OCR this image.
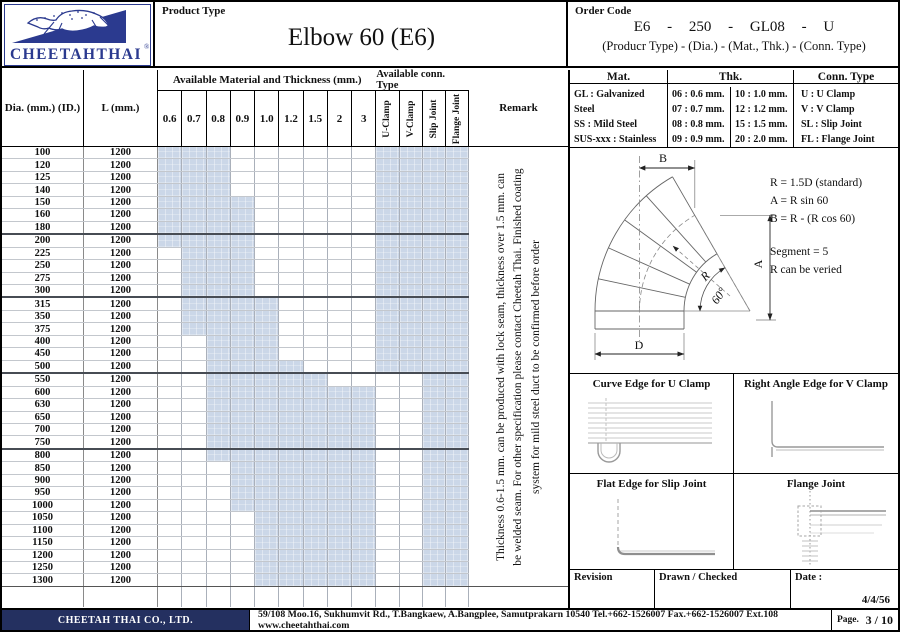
CHEETAHTHAI ®
Product Type
Elbow 60 (E6)
Order Code
E6 - 250 - GL08 - U
(Producr Type) - (Dia.) - (Mat., Thk.) - (Conn. Type)
Dia. (mm.) (ID.)	L (mm.)
Available Material and Thickness (mm.)
0.6 0.7 0.8 0.9 1.0 1.2 1.5	2	3
Available conn. Type
U-Clamp V-Clamp Slip Joint Flange Joint	Remark
100	1200
120	1200
125	1200
140	1200
150	1200
160	1200
180	1200
200	1200
225	1200
250	1200
275	1200
300	1200
315	1200
350	1200
375	1200
400	1200
450	1200
500	1200
550	1200
600	1200
630	1200
650	1200
700	1200
750	1200
800	1200
850	1200
900	1200
950	1200
1000	1200
1050	1200
1100	1200
1150	1200
1200	1200
1250	1200
1300	1200
Thickness 0.6-1.5 mm. can be produced with lock seam, thickness over 1.5 mm. can be welded seam. For other specification please contact Cheetah Thai. Finished coating system for mild steel duct to be confirmed before order
Mat.
GL : Galvanized Steel
SS : Mild Steel
SUS-xxx : Stainless
Thk.
06 : 0.6 mm.
07 : 0.7 mm.
08 : 0.8 mm.
09 : 0.9 mm.
10 : 1.0 mm.
12 : 1.2 mm.
15 : 1.5 mm.
20 : 2.0 mm.
Conn. Type
U : U Clamp
V : V Clamp
SL : Slip Joint
FL : Flange Joint
B
A
D
R
60°
R = 1.5D (standard)
A = R sin 60
B = R - (R cos 60)
Segment = 5
R can be veried
Curve Edge for U Clamp	Right Angle Edge for V Clamp
Flat Edge for Slip Joint	Flange Joint
Revision	Drawn / Checked	Date :
4/4/56
CHEETAH THAI CO., LTD.	59/108 Moo.16, Sukhumvit Rd., T.Bangkaew, A.Bangplee, Samutprakarn 10540 Tel.+662-1526007 Fax.+662-1526007 Ext.108 www.cheetahthai.com	Page. 3 / 10
